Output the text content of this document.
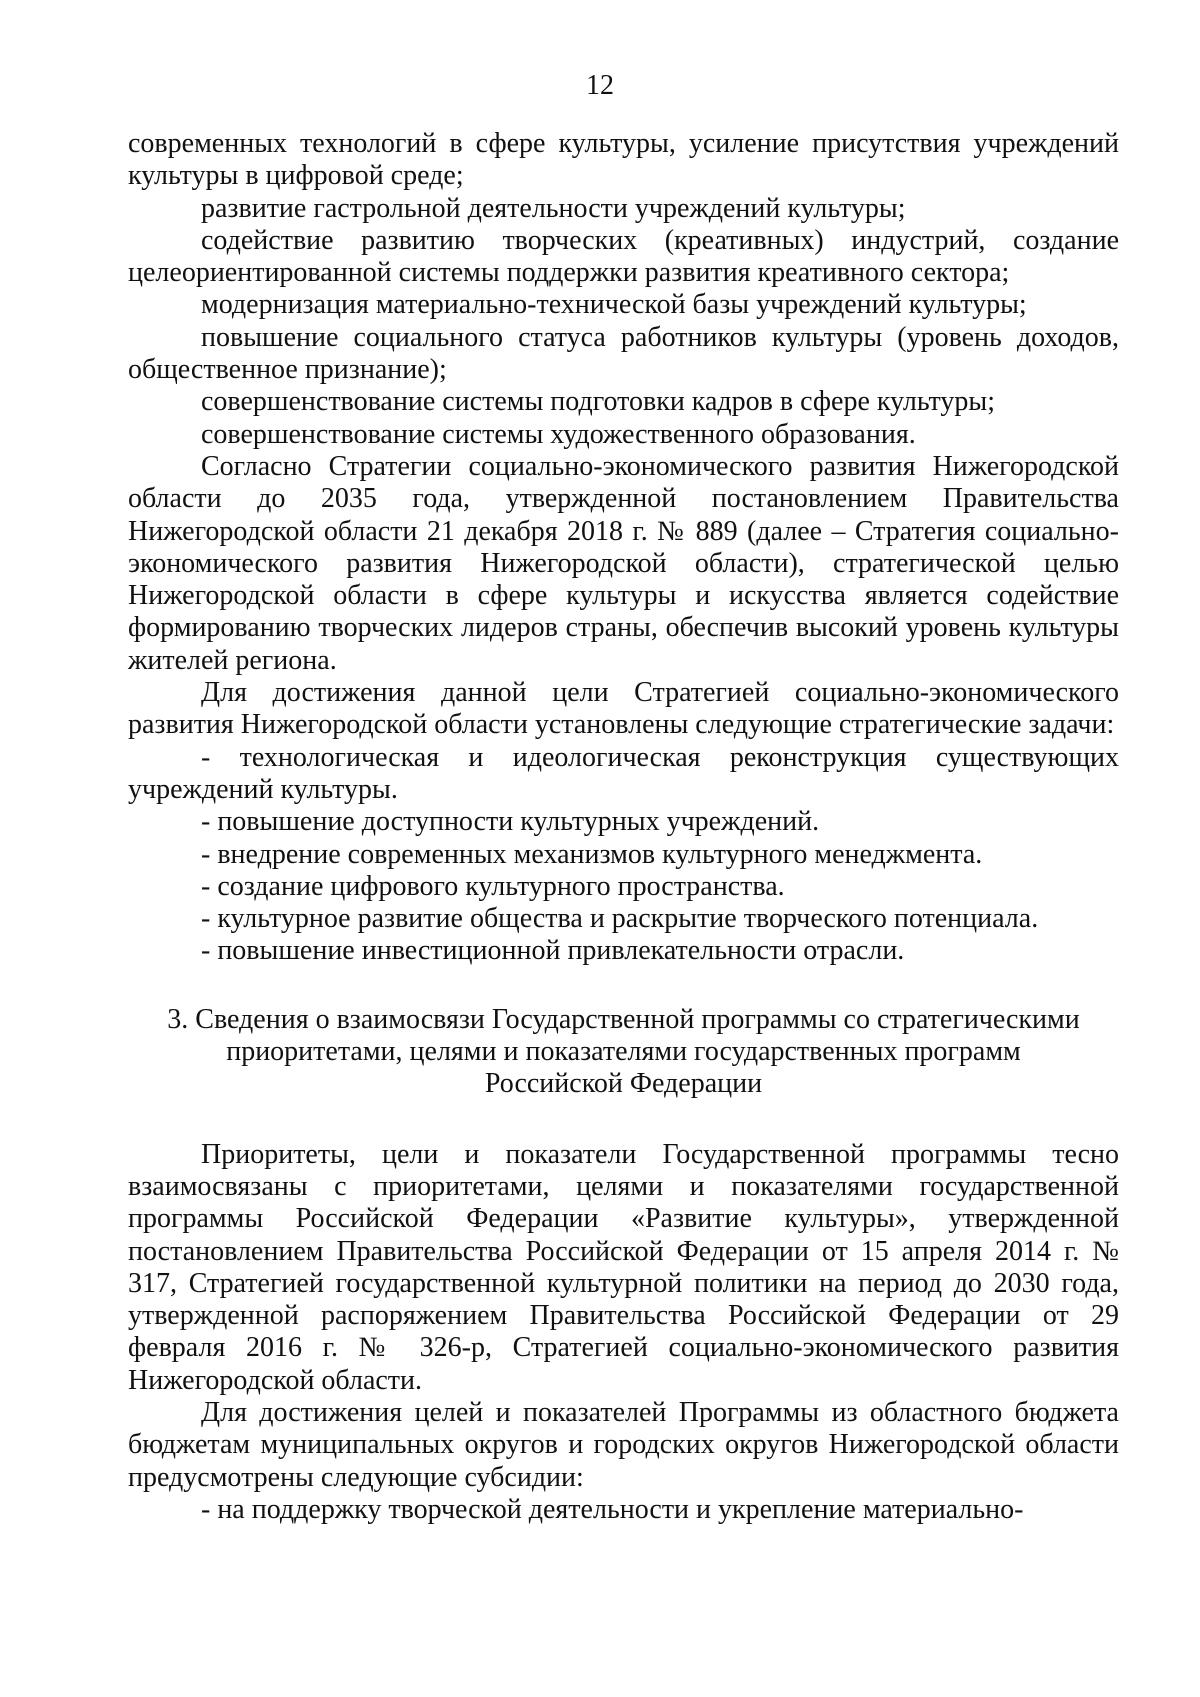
12

современных технологий в сфере культуры, усиление присутствия учреждений культуры в цифровой среде;

развитие гастрольной деятельности учреждений культуры;

содействие развитию творческих (креативных) индустрий, создание целеориентированной системы поддержки развития креативного сектора;

модернизация материально-технической базы учреждений культуры;

повышение социального статуса работников культуры (уровень доходов, общественное признание);

совершенствование системы подготовки кадров в сфере культуры;

совершенствование системы художественного образования.

Согласно Стратегии социально-экономического развития Нижегородской области до 2035 года, утвержденной постановлением Правительства Нижегородской области 21 декабря 2018 г. № 889 (далее – Стратегия социально-экономического развития Нижегородской области), стратегической целью Нижегородской области в сфере культуры и искусства является содействие формированию творческих лидеров страны, обеспечив высокий уровень культуры жителей региона.

Для достижения данной цели Стратегией социально-экономического развития Нижегородской области установлены следующие стратегические задачи:

- технологическая и идеологическая реконструкция существующих учреждений культуры.

- повышение доступности культурных учреждений.

- внедрение современных механизмов культурного менеджмента.

- создание цифрового культурного пространства.

- культурное развитие общества и раскрытие творческого потенциала.

- повышение инвестиционной привлекательности отрасли.

3. Сведения о взаимосвязи Государственной программы со стратегическими
приоритетами, целями и показателями государственных программ
Российской Федерации

Приоритеты, цели и показатели Государственной программы тесно взаимосвязаны с приоритетами, целями и показателями государственной программы Российской Федерации «Развитие культуры», утвержденной постановлением Правительства Российской Федерации от 15 апреля 2014 г. № 317, Стратегией государственной культурной политики на период до 2030 года, утвержденной распоряжением Правительства Российской Федерации от 29 февраля 2016 г. № 326-р, Стратегией социально-экономического развития Нижегородской области.

Для достижения целей и показателей Программы из областного бюджета бюджетам муниципальных округов и городских округов Нижегородской области предусмотрены следующие субсидии:

- на поддержку творческой деятельности и укрепление материально-
